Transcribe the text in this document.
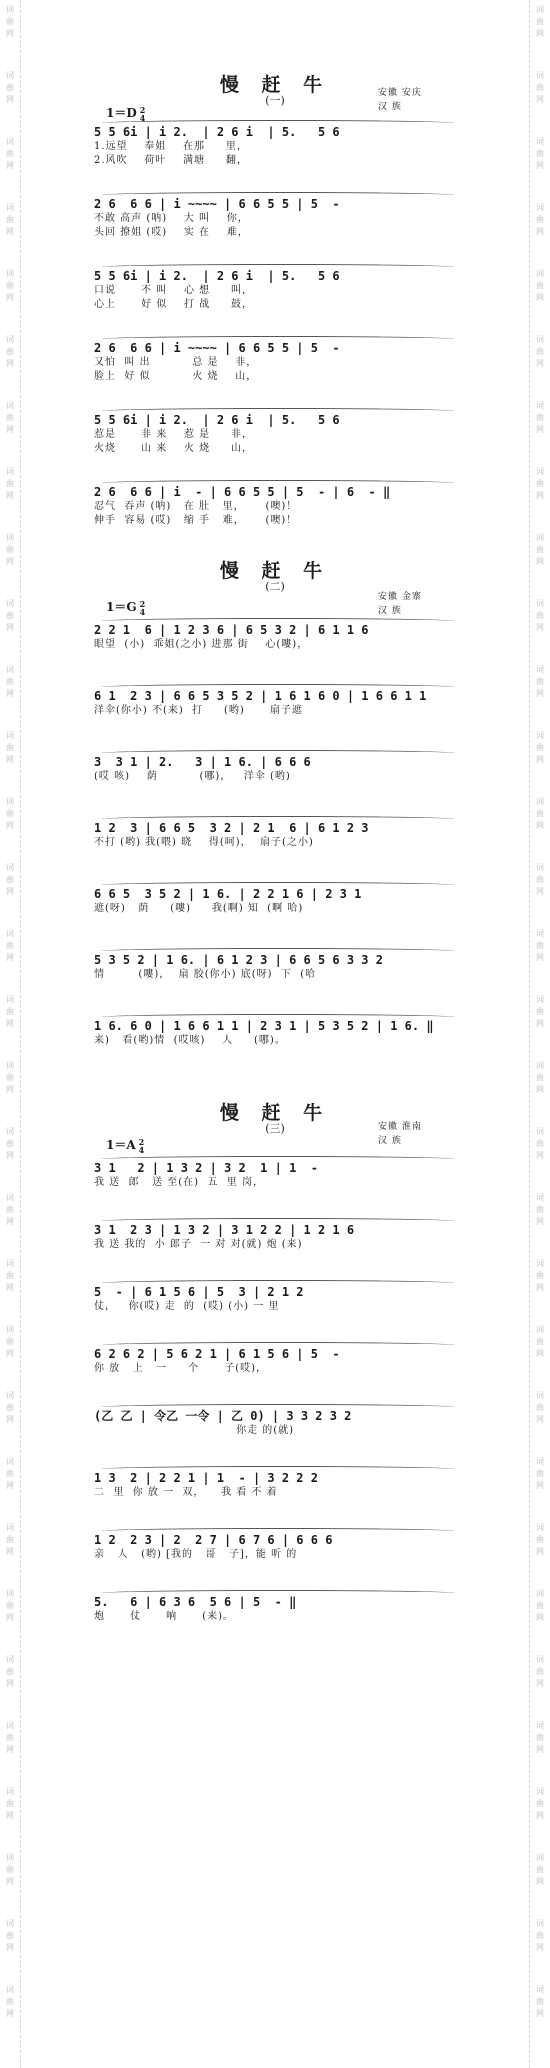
词
曲
网
词
曲
网
词
曲
网
词
曲
网
词
曲
网
词
曲
网
词
曲
网
词
曲
网
词
曲
网
词
曲
网
词
曲
网
词
曲
网
词
曲
网
词
曲
网
词
曲
网
词
曲
网
词
曲
网
词
曲
网
词
曲
网
词
曲
网
词
曲
网
词
曲
网
词
曲
网
词
曲
网
词
曲
网
词
曲
网
词
曲
网
词
曲
网
词
曲
网
词
曲
网
词
曲
网
词
曲
网
词
曲
网
词
曲
网
词
曲
网
词
曲
网
词
曲
网
词
曲
网
词
曲
网
词
曲
网
词
曲
网
词
曲
网
词
曲
网
词
曲
网
词
曲
网
词
曲
网
词
曲
网
词
曲
网
词
曲
网
词
曲
网
词
曲
网
词
曲
网
词
曲
网
词
曲
网
词
曲
网
词
曲
网
词
曲
网
词
曲
网
词
曲
网
词
曲
网
词
曲
网
词
曲
网
慢 赶 牛
(一)
安徽 安庆
汉 族
1＝D 2
4
5 5 6i | i 2.  | 2 6 i  | 5.   5 6
1.远望    奉姐    在那     里，
2.风吹    荷叶    满塘     翻，
2 6  6 6 | i ~~~~ | 6 6 5 5 | 5  -
不敢 高声 (呐)    大 叫    你，
头回 撩姐 (哎)    实 在    难，
5 5 6i | i 2.  | 2 6 i  | 5.   5 6
口说      不 叫    心 想     叫，
心上      好 似    打 战     鼓，
2 6  6 6 | i ~~~~ | 6 6 5 5 | 5  -
又怕  叫 出          总 是    非，
脸上  好 似          火 烧    山，
5 5 6i | i 2.  | 2 6 i  | 5.   5 6
惹是      非 来    惹 是     非，
火烧      山 来    火 烧     山，
2 6  6 6 | i  - | 6 6 5 5 | 5  - | 6  - ‖
忍气  吞声 (呐)   在 肚   里，     (噢)！
伸手  容易 (哎)   缩 手   难，     (噢)！
慢 赶 牛
(二)
安徽 金寨
汉 族
1＝G 2
4
2 2 1  6 | 1 2 3 6 | 6 5 3 2 | 6 1 1 6
眼望  (小)  乖姐(之小) 进那 街    心(嘍)，
6 1  2 3 | 6 6 5 3 5 2 | 1 6 1 6 0 | 1 6 6 1 1
洋伞(你小) 不(来)  打     (哟)      扇子遮
3  3 1 | 2.   3 | 1 6. | 6 6 6
(哎 咳)    荫          (哪)，   洋伞 (哟)
1 2  3 | 6 6 5  3 2 | 2 1  6 | 6 1 2 3
不打 (哟) 我(喂) 晓    得(呵)，  扇子(之小)
6 6 5  3 5 2 | 1 6. | 2 2 1 6 | 2 3 1
遮(呀)   荫     (嘍)     我(啊) 知  (啊 哈)
5 3 5 2 | 1 6. | 6 1 2 3 | 6 6 5 6 3 3 2
情        (嘍)，  扇 胶(你小) 底(呀)  下  (哈
1 6. 6 0 | 1 6 6 1 1 | 2 3 1 | 5 3 5 2 | 1 6. ‖
来)   看(哟)情  (哎咳)    人     (哪)。
慢 赶 牛
(三)	安徽 淮南
汉 族
1＝A 2
4
3 1   2 | 1 3 2 | 3 2  1 | 1  -
我 送  郎   送 至(在)  五  里 岗，
3 1  2 3 | 1 3 2 | 3 1 2 2 | 1 2 1 6
我 送 我的  小 郎子  一 对 对(就) 炮 (来)
5  - | 6 1 5 6 | 5  3 | 2 1 2
仗，   你(哎) 走  的  (哎) (小) 一 里
6 2 6 2 | 5 6 2 1 | 6 1 5 6 | 5  -
你 放   上   一     个      子(哎)，
(乙 乙 | 令乙 一令 | 乙 0) | 3 3 2 3 2
你走 的(就)
1 3  2 | 2 2 1 | 1  - | 3 2 2 2
二  里  你 放 一  双，    我 看 不 着
1 2  2 3 | 2  2 7 | 6 7 6 | 6 6 6
亲   人   (哟) [我的   哥   子]，能 听 的
5.   6 | 6 3 6  5 6 | 5  - ‖
炮      仗      响      (来)。
